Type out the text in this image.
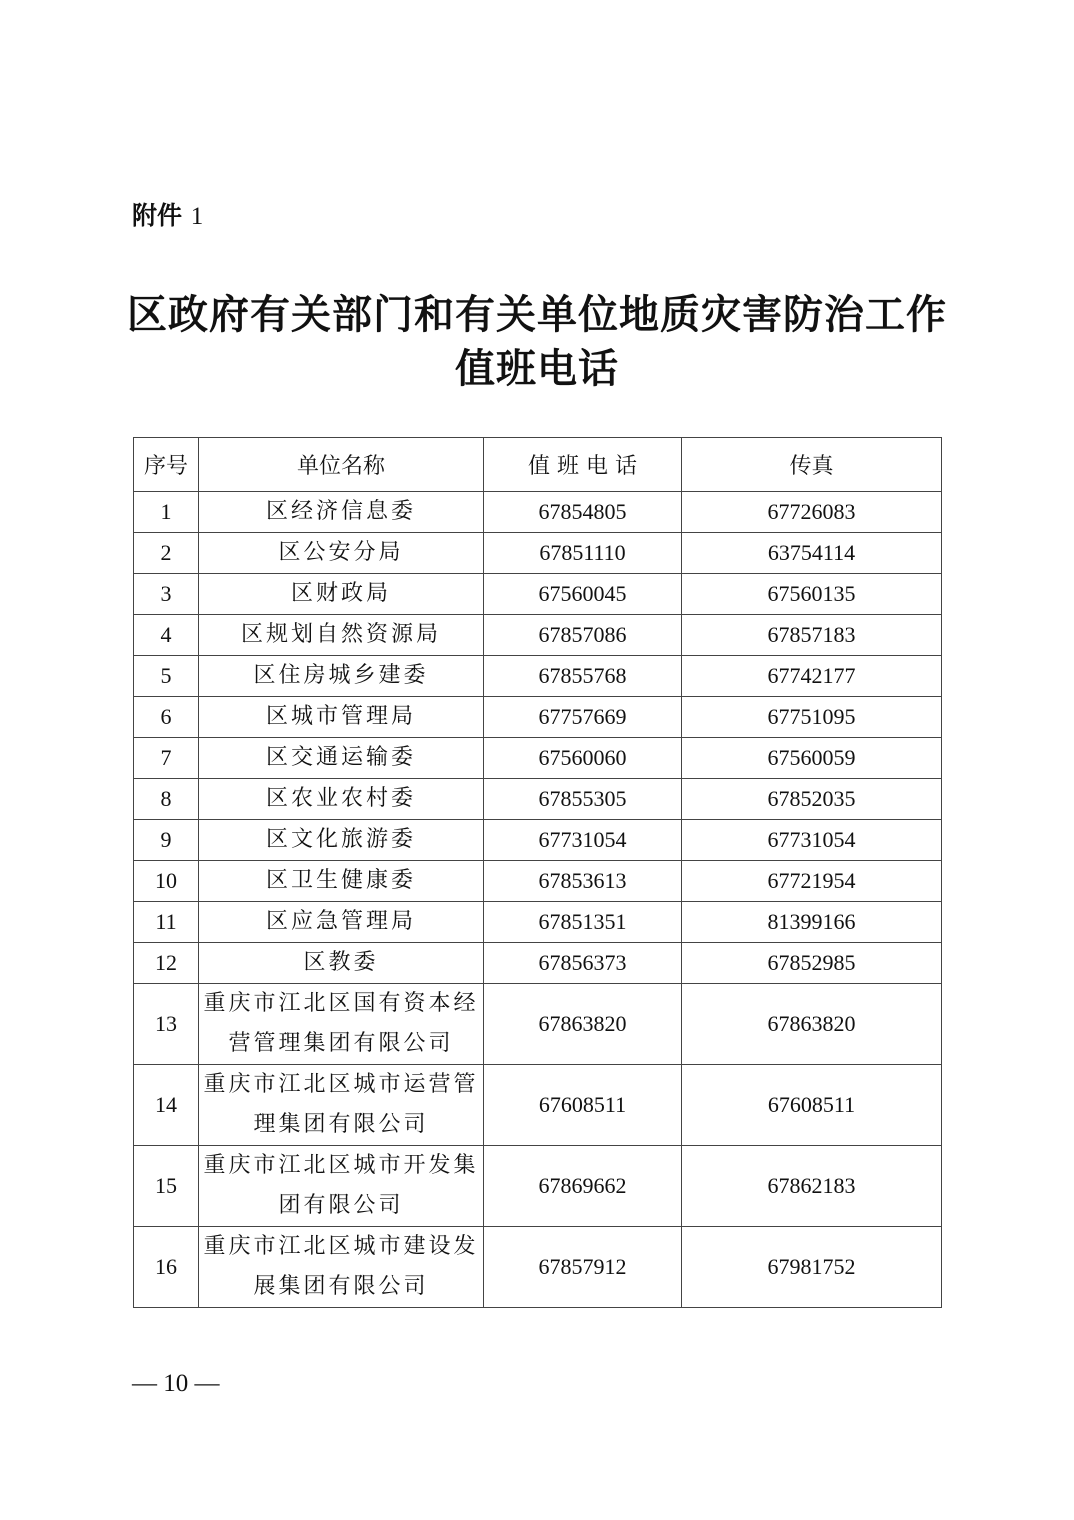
附件 1
区政府有关部门和有关单位地质灾害防治工作
值班电话
序号	单位名称	值 班 电 话	传真
1	区经济信息委	67854805	67726083
2	区公安分局	67851110	63754114
3	区财政局	67560045	67560135
4	区规划自然资源局	67857086	67857183
5	区住房城乡建委	67855768	67742177
6	区城市管理局	67757669	67751095
7	区交通运输委	67560060	67560059
8	区农业农村委	67855305	67852035
9	区文化旅游委	67731054	67731054
10	区卫生健康委	67853613	67721954
11	区应急管理局	67851351	81399166
12	区教委	67856373	67852985
13	重庆市江北区国有资本经营管理集团有限公司	67863820	67863820
14	重庆市江北区城市运营管理集团有限公司	67608511	67608511
15	重庆市江北区城市开发集团有限公司	67869662	67862183
16	重庆市江北区城市建设发展集团有限公司	67857912	67981752
— 10 —
